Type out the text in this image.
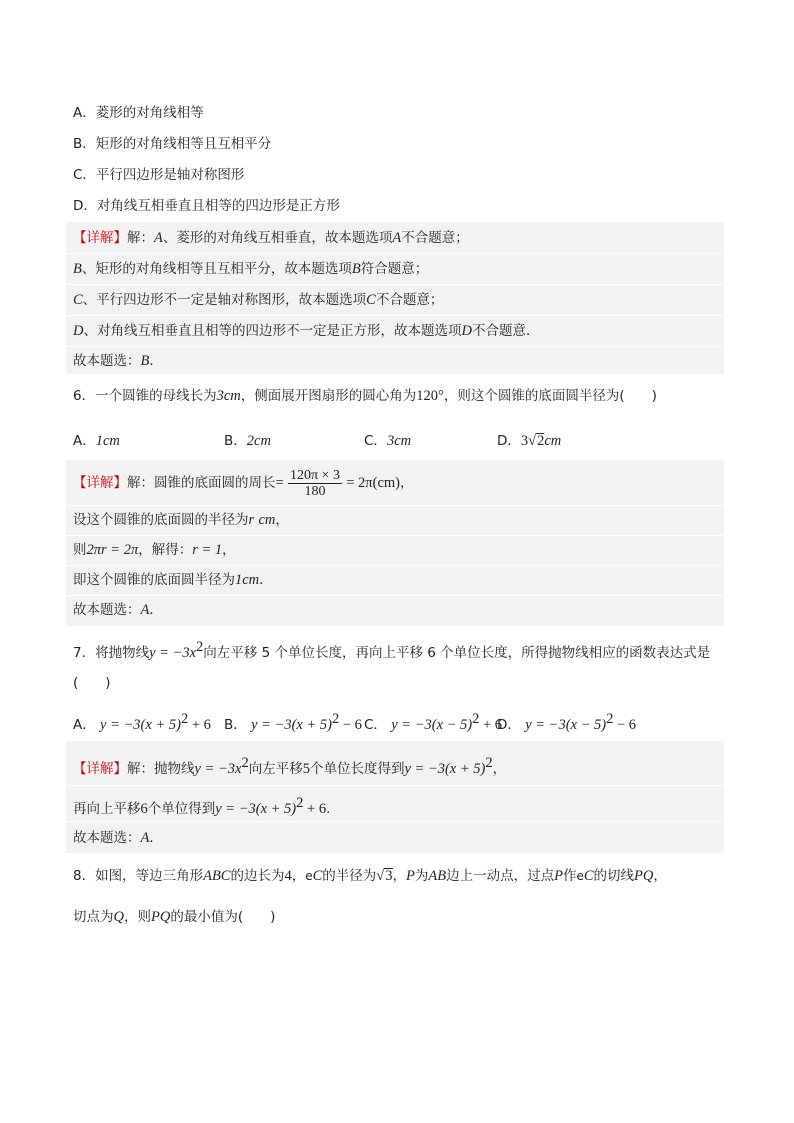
A．菱形的对角线相等
B．矩形的对角线相等且互相平分
C．平行四边形是轴对称图形
D．对角线互相垂直且相等的四边形是正方形
【详解】解：A、菱形的对角线互相垂直，故本题选项A不合题意；
B、矩形的对角线相等且互相平分，故本题选项B符合题意；
C、平行四边形不一定是轴对称图形，故本题选项C不合题意；
D、对角线互相垂直且相等的四边形不一定是正方形，故本题选项D不合题意．
故本题选：B．
6．一个圆锥的母线长为3cm，侧面展开图扇形的圆心角为120°，则这个圆锥的底面圆半径为(　　)
A．1cm	B．2cm	C．3cm	D．3√2cm
【详解】解：圆锥的底面圆的周长= $\frac{120\pi \times 3}{180} = 2\pi(cm)$，
设这个圆锥的底面圆的半径为r cm，
则2πr = 2π，解得：r = 1，
即这个圆锥的底面圆半径为1cm．
故本题选：A．
7．将抛物线$y = -3x^2$向左平移 5 个单位长度，再向上平移 6 个单位长度，所得抛物线相应的函数表达式是
(　　)
A． $y = -3(x + 5)^2 + 6$ B． $y = -3(x + 5)^2 - 6$ C． $y = -3(x - 5)^2 + 6$
D． $y = -3(x - 5)^2 - 6$
【详解】解：抛物线$y = -3x^2$向左平移5个单位长度得到$y = -3(x + 5)^2$，
再向上平移6个单位得到$y = -3(x + 5)^2 + 6$．
故本题选：A．
8．如图，等边三角形ABC的边长为4，eC的半径为√3，P为AB边上一动点，过点P作eC的切线PQ，
切点为Q，则PQ的最小值为(　　)
